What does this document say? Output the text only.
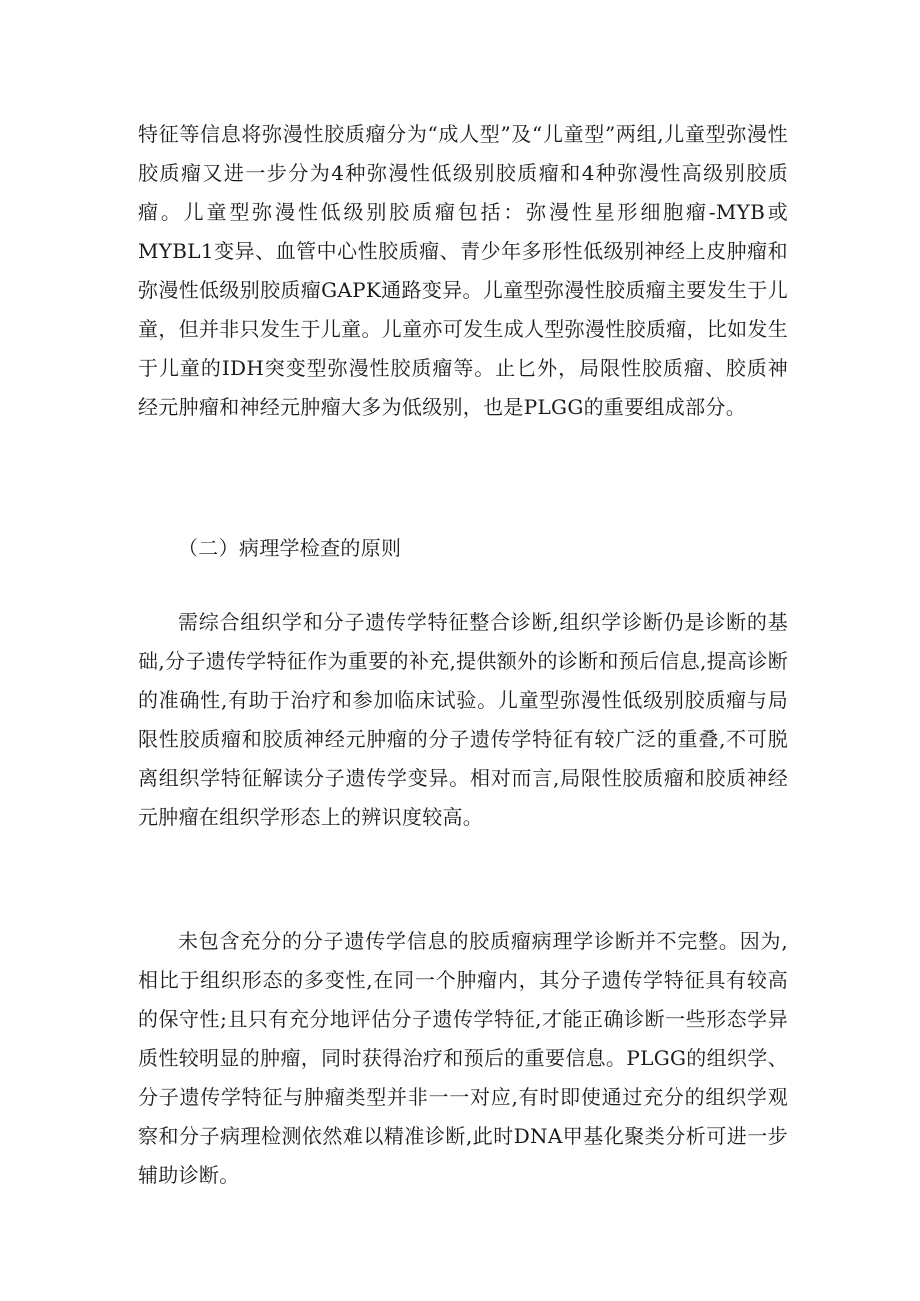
特征等信息将弥漫性胶质瘤分为“成人型”及“儿童型”两组,儿童型弥漫性胶质瘤又进一步分为4种弥漫性低级别胶质瘤和4种弥漫性高级别胶质瘤。儿童型弥漫性低级别胶质瘤包括：弥漫性星形细胞瘤-MYB或MYBL1变异、血管中心性胶质瘤、青少年多形性低级别神经上皮肿瘤和弥漫性低级别胶质瘤GAPK通路变异。儿童型弥漫性胶质瘤主要发生于儿童，但并非只发生于儿童。儿童亦可发生成人型弥漫性胶质瘤，比如发生于儿童的IDH突变型弥漫性胶质瘤等。止匕外，局限性胶质瘤、胶质神经元肿瘤和神经元肿瘤大多为低级别，也是PLGG的重要组成部分。

（二）病理学检查的原则

需综合组织学和分子遗传学特征整合诊断,组织学诊断仍是诊断的基础,分子遗传学特征作为重要的补充,提供额外的诊断和预后信息,提高诊断的准确性,有助于治疗和参加临床试验。儿童型弥漫性低级别胶质瘤与局限性胶质瘤和胶质神经元肿瘤的分子遗传学特征有较广泛的重叠,不可脱离组织学特征解读分子遗传学变异。相对而言,局限性胶质瘤和胶质神经元肿瘤在组织学形态上的辨识度较高。

未包含充分的分子遗传学信息的胶质瘤病理学诊断并不完整。因为,相比于组织形态的多变性,在同一个肿瘤内，其分子遗传学特征具有较高的保守性;且只有充分地评估分子遗传学特征,才能正确诊断一些形态学异质性较明显的肿瘤，同时获得治疗和预后的重要信息。PLGG的组织学、分子遗传学特征与肿瘤类型并非一一对应,有时即使通过充分的组织学观察和分子病理检测依然难以精准诊断,此时DNA甲基化聚类分析可进一步辅助诊断。
